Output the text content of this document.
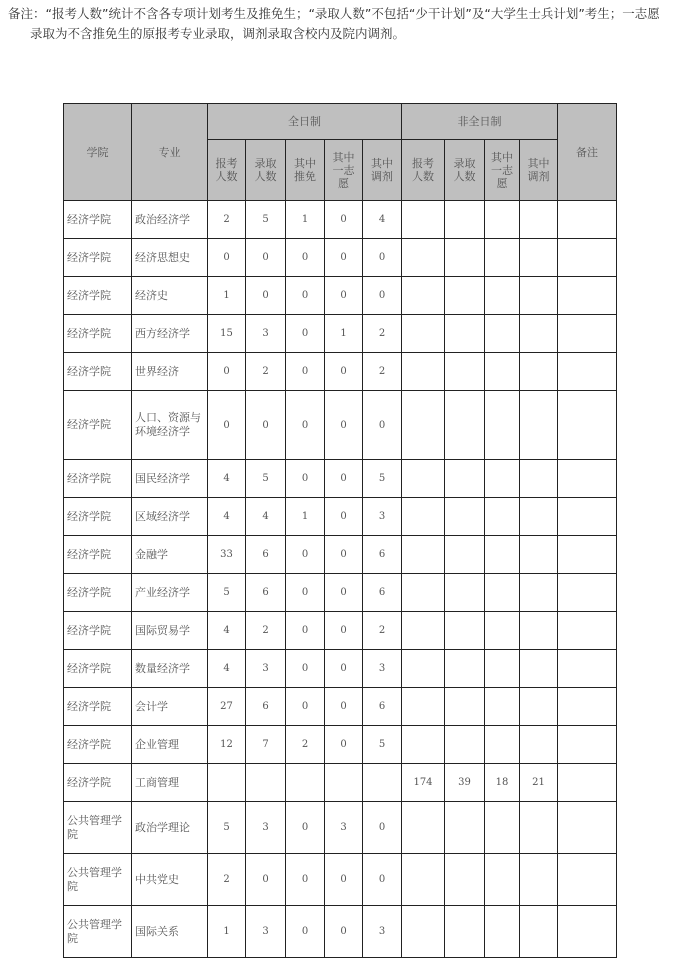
备注：“报考人数”统计不含各专项计划考生及推免生；“录取人数”不包括“少干计划”及“大学生士兵计划”考生；一志愿
录取为不含推免生的原报考专业录取，调剂录取含校内及院内调剂。
学院	专业	全日制					非全日制				备注
		报考人数	录取人数	其中推免	其中一志愿	其中调剂	报考人数	录取人数	其中一志愿	其中调剂	
经济学院	政治经济学	2	5	1	0	4					
经济学院	经济思想史	0	0	0	0	0					
经济学院	经济史	1	0	0	0	0					
经济学院	西方经济学	15	3	0	1	2					
经济学院	世界经济	0	2	0	0	2					
经济学院	人口、资源与环境经济学	0	0	0	0	0					
经济学院	国民经济学	4	5	0	0	5					
经济学院	区域经济学	4	4	1	0	3					
经济学院	金融学	33	6	0	0	6					
经济学院	产业经济学	5	6	0	0	6					
经济学院	国际贸易学	4	2	0	0	2					
经济学院	数量经济学	4	3	0	0	3					
经济学院	会计学	27	6	0	0	6					
经济学院	企业管理	12	7	2	0	5					
经济学院	工商管理						174	39	18	21	
公共管理学院	政治学理论	5	3	0	3	0					
公共管理学院	中共党史	2	0	0	0	0					
公共管理学院	国际关系	1	3	0	0	3					
